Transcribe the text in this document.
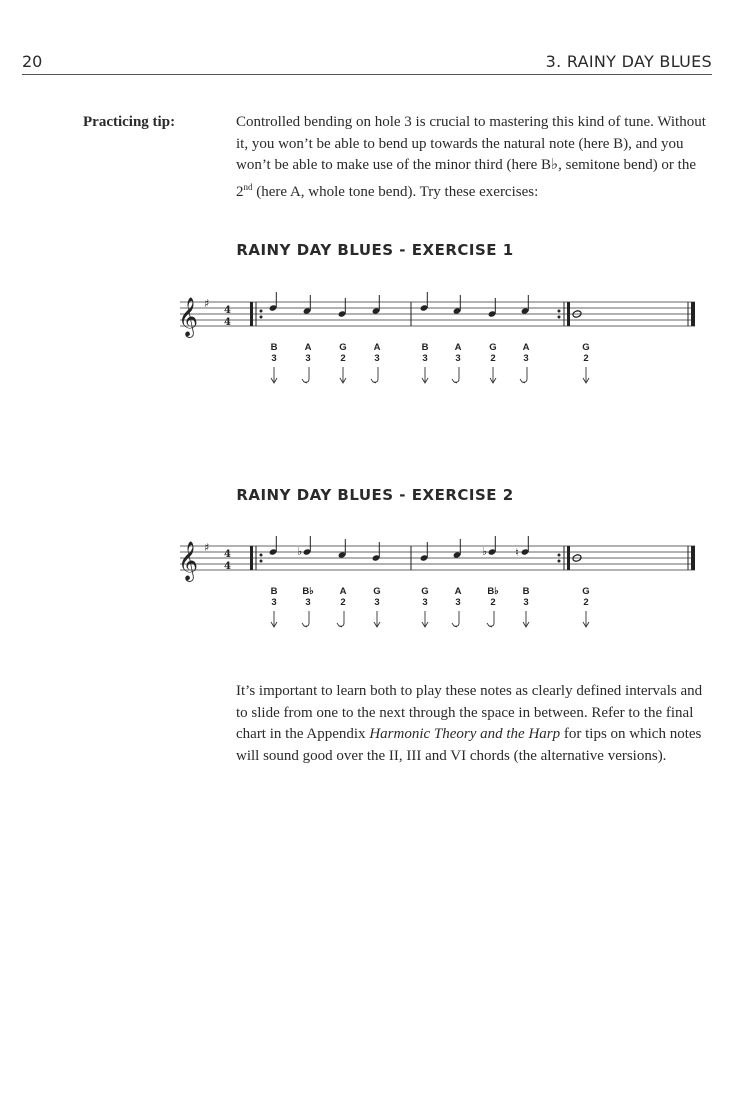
20	3. RAINY DAY BLUES
Practicing tip:	Controlled bending on hole 3 is crucial to mastering this kind of tune. Without it, you won’t be able to bend up towards the natural note (here B), and you won’t be able to make use of the minor third (here B♭, semitone bend) or the 2nd (here A, whole tone bend). Try these exercises:
RAINY DAY BLUES - EXERCISE 1
𝄞 ♯
4
4
B
3
A
3
G
2
A
3
B
3
A
3
G
2
A
3
G
2
RAINY DAY BLUES - EXERCISE 2
𝄞 ♯
4
4
B
3
♭
B♭
3
A
2
G
3
G
3
A
3
♭
B♭
2
♮
B
3
G
2
It’s important to learn both to play these notes as clearly defined intervals and to slide from one to the next through the space in between. Refer to the final chart in the Appendix Harmonic Theory and the Harp for tips on which notes will sound good over the II, III and VI chords (the alternative versions).
